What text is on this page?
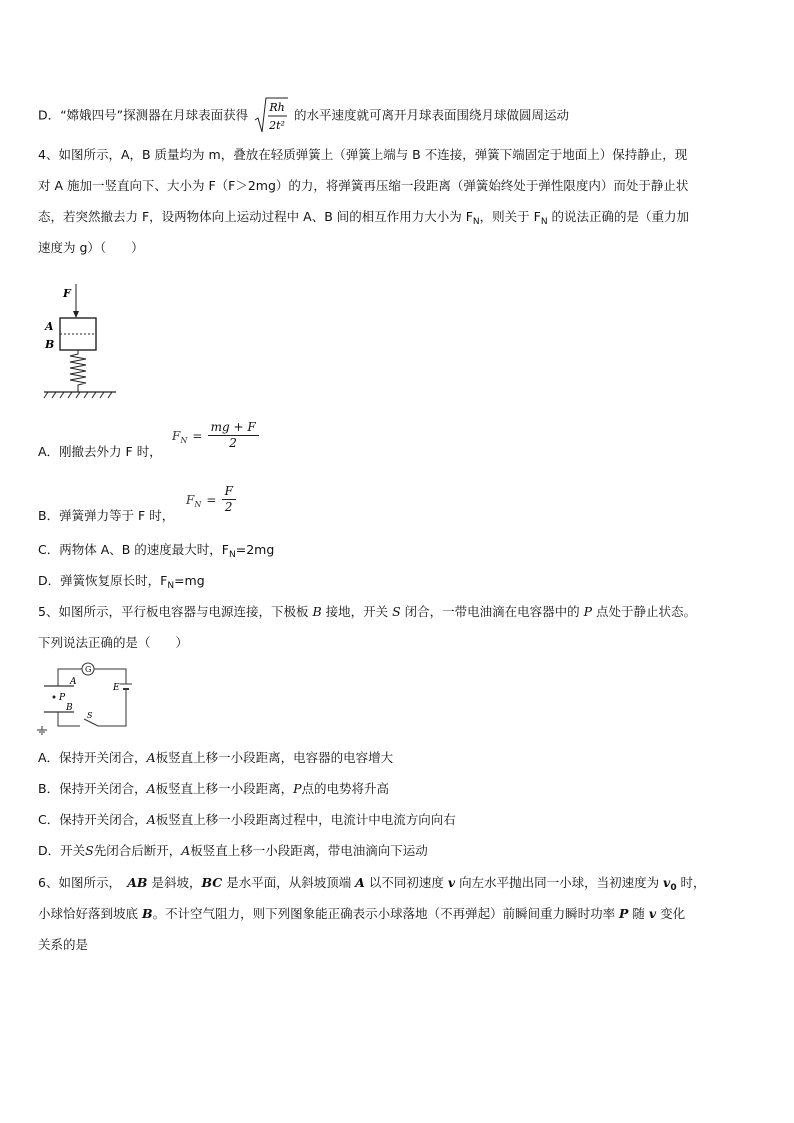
D．“嫦娥四号”探测器在月球表面获得 Rh
2t²
的水平速度就可离开月球表面围绕月球做圆周运动
4、如图所示，A，B 质量均为 m，叠放在轻质弹簧上（弹簧上端与 B 不连接，弹簧下端固定于地面上）保持静止，现
对 A 施加一竖直向下、大小为 F（F＞2mg）的力，将弹簧再压缩一段距离（弹簧始终处于弹性限度内）而处于静止状
态，若突然撤去力 F，设两物体向上运动过程中 A、B 间的相互作用力大小为 $F_N$，则关于 $F_N$ 的说法正确的是（重力加
速度为 g）（　　）
F
A
B
A．刚撤去外力 F 时，
$F_N = \frac{mg + F}{2}$
B．弹簧弹力等于 F 时，
$F_N = \frac{F}{2}$
C．两物体 A、B 的速度最大时，$F_N=2mg$
D．弹簧恢复原长时，$F_N=mg$
5、如图所示，平行板电容器与电源连接，下极板 B 接地，开关 S 闭合，一带电油滴在电容器中的 P 点处于静止状态。
下列说法正确的是（　　）
G
A
P
B
E
S
A．保持开关闭合，A板竖直上移一小段距离，电容器的电容增大
B．保持开关闭合，A板竖直上移一小段距离，P点的电势将升高
C．保持开关闭合，A板竖直上移一小段距离过程中，电流计中电流方向向右
D．开关S先闭合后断开，A板竖直上移一小段距离，带电油滴向下运动
6、如图所示，　AB 是斜坡，BC 是水平面，从斜坡顶端 A 以不同初速度 v 向左水平抛出同一小球，当初速度为 $v_0$ 时，
小球恰好落到坡底 B。不计空气阻力，则下列图象能正确表示小球落地（不再弹起）前瞬间重力瞬时功率 P 随 v 变化
关系的是
